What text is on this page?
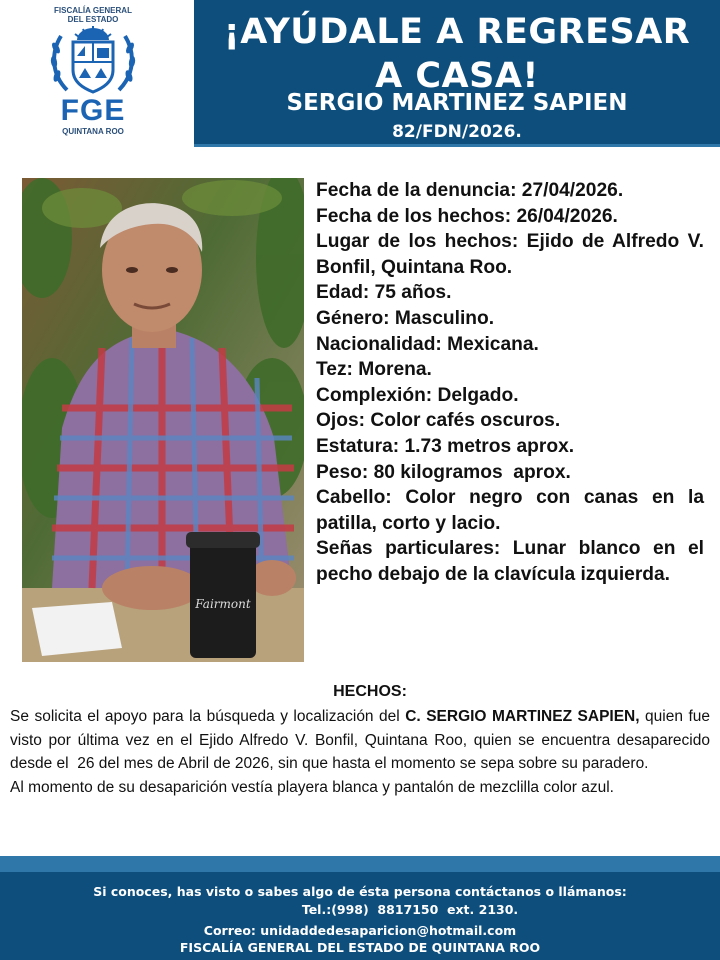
FISCALÍA GENERAL
DEL ESTADO
FGE
QUINTANA ROO
¡AYÚDALE A REGRESAR
A CASA!
SERGIO MARTINEZ SAPIEN
82/FDN/2026.
Fairmont

Fecha de la denuncia: 27/04/2026.

Fecha de los hechos: 26/04/2026.

Lugar de los hechos: Ejido de Alfredo V. Bonfil, Quintana Roo.

Edad: 75 años.

Género: Masculino.

Nacionalidad: Mexicana.

Tez: Morena.

Complexión: Delgado.

Ojos: Color cafés oscuros.

Estatura: 1.73 metros aprox.

Peso: 80 kilogramos  aprox.

Cabello: Color negro con canas en la patilla, corto y lacio.

Señas particulares: Lunar blanco en el pecho debajo de la clavícula izquierda.

HECHOS:

Se solicita el apoyo para la búsqueda y localización del C. SERGIO MARTINEZ SAPIEN, quien fue visto por última vez en el Ejido Alfredo V. Bonfil, Quintana Roo, quien se encuentra desaparecido desde el  26 del mes de Abril de 2026, sin que hasta el momento se sepa sobre su paradero.

Al momento de su desaparición vestía playera blanca y pantalón de mezclilla color azul.

Si conoces, has visto o sabes algo de ésta persona contáctanos o llámanos:
Tel.:(998)  8817150  ext. 2130.
Correo: unidaddedesaparicion@hotmail.com
FISCALÍA GENERAL DEL ESTADO DE QUINTANA ROO
